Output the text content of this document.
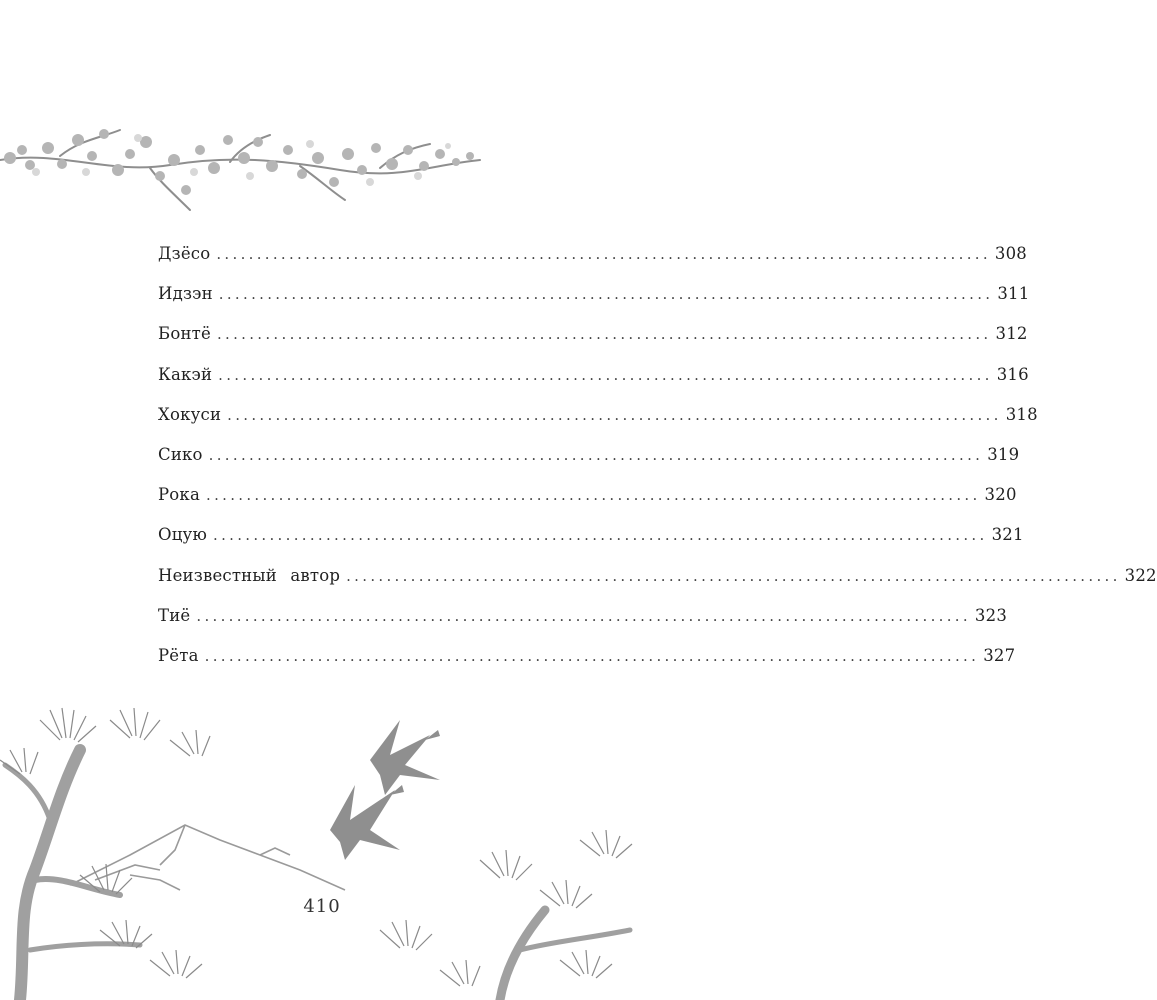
Дзёсо ................................................................................................ 308
Идзэн ................................................................................................ 311
Бонтё ................................................................................................ 312
Какэй ................................................................................................ 316
Хокуси ................................................................................................ 318
Сико ................................................................................................ 319
Рока ................................................................................................ 320
Оцую ................................................................................................ 321
Неизвестный автор ................................................................................................ 322
Тиё ................................................................................................ 323
Рёта ................................................................................................ 327
410
